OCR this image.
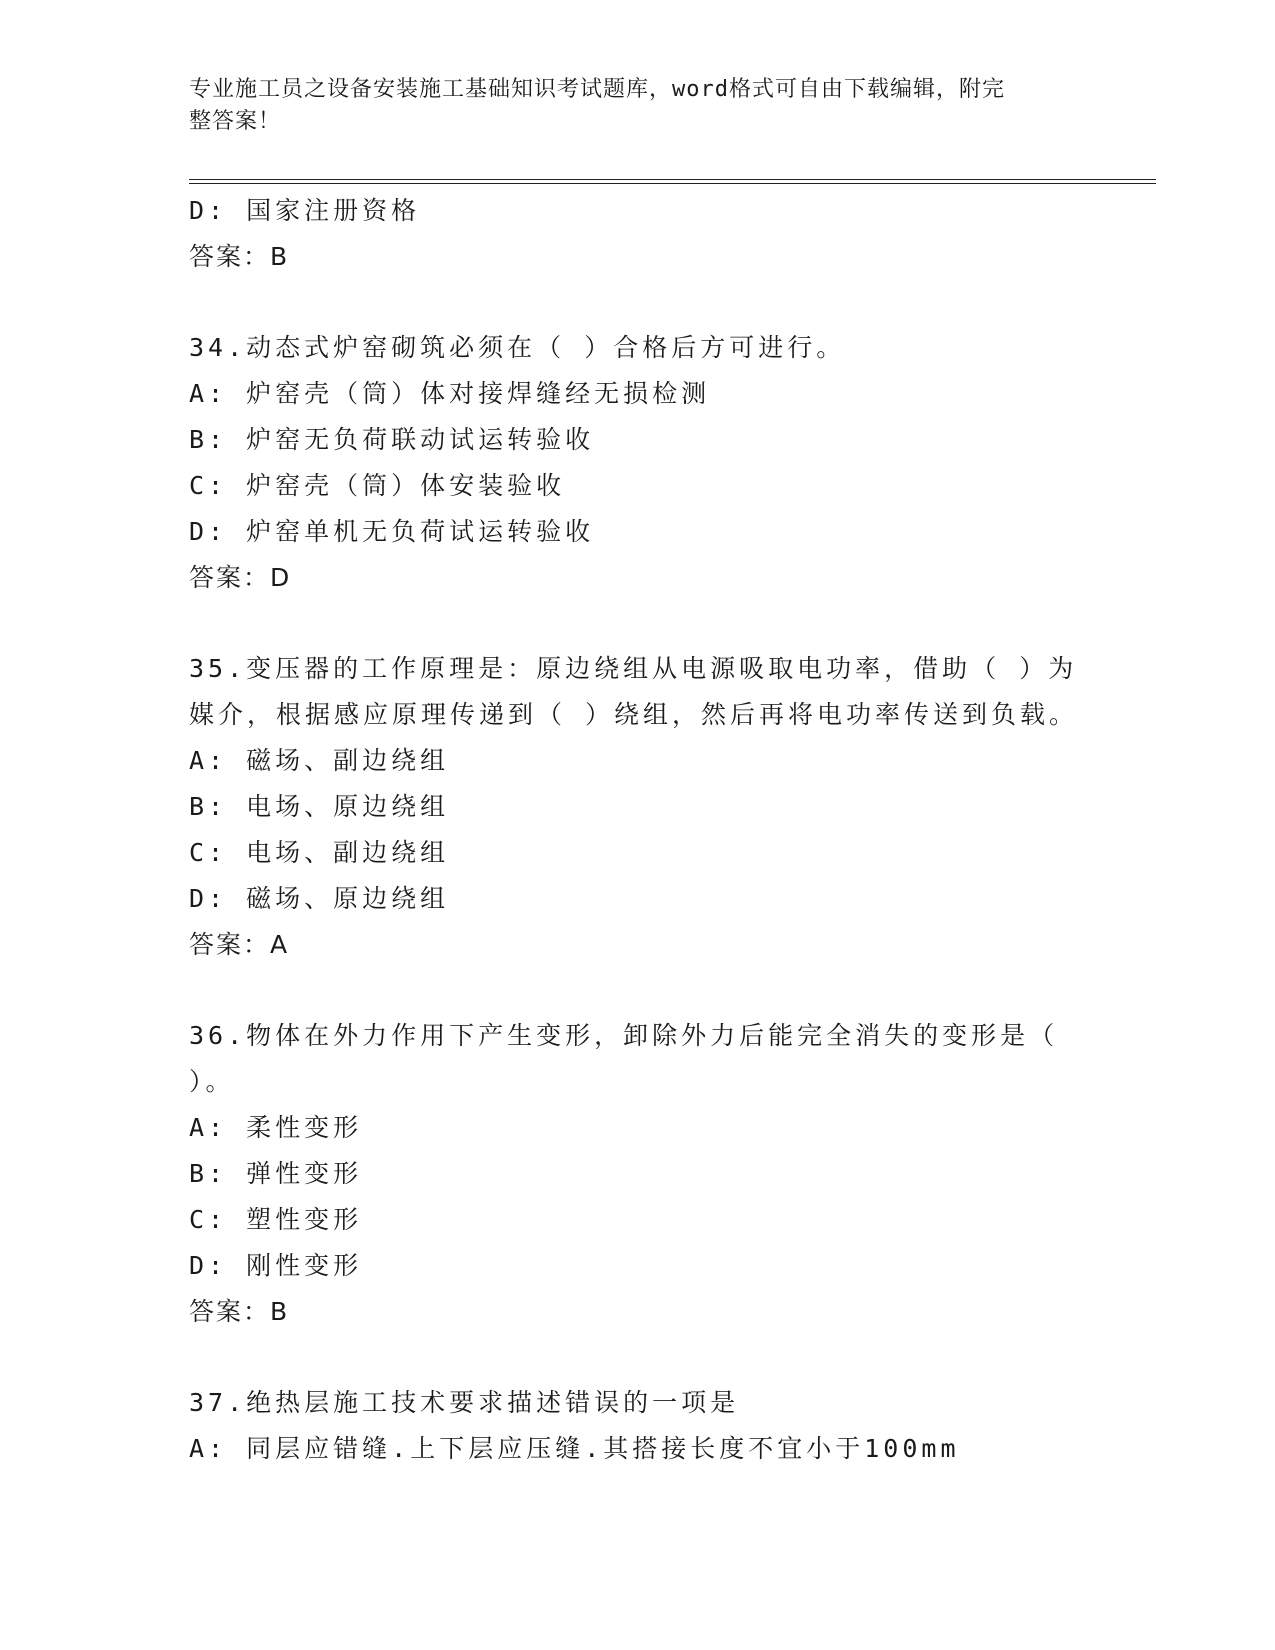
专业施工员之设备安装施工基础知识考试题库，word格式可自由下载编辑，附完
整答案！
D: 国家注册资格
答案：B
34.动态式炉窑砌筑必须在（ ）合格后方可进行。
A: 炉窑壳（筒）体对接焊缝经无损检测
B: 炉窑无负荷联动试运转验收
C: 炉窑壳（筒）体安装验收
D: 炉窑单机无负荷试运转验收
答案：D
35.变压器的工作原理是：原边绕组从电源吸取电功率，借助（ ）为
媒介，根据感应原理传递到（ ）绕组，然后再将电功率传送到负载。
A: 磁场、副边绕组
B: 电场、原边绕组
C: 电场、副边绕组
D: 磁场、原边绕组
答案：A
36.物体在外力作用下产生变形，卸除外力后能完全消失的变形是（
）。
A: 柔性变形
B: 弹性变形
C: 塑性变形
D: 刚性变形
答案：B
37.绝热层施工技术要求描述错误的一项是
A: 同层应错缝.上下层应压缝.其搭接长度不宜小于100mm
